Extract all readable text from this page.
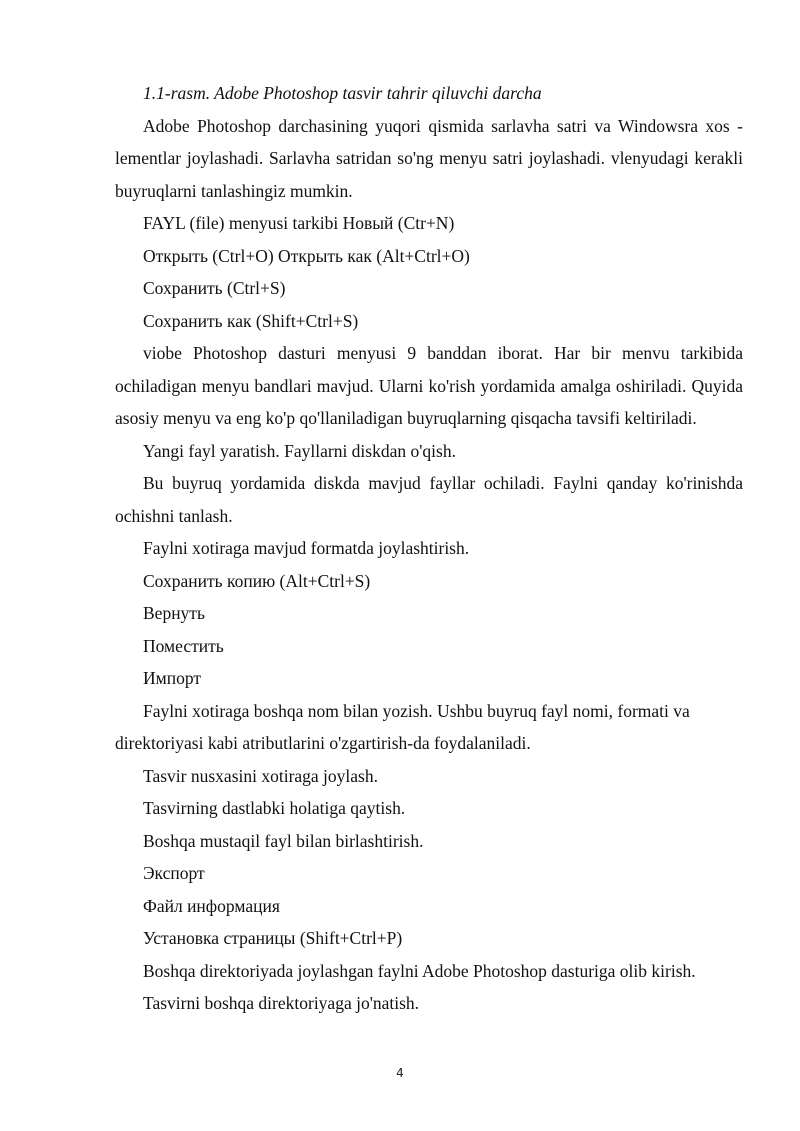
1.1-rasm. Adobe Photoshop tasvir tahrir qiluvchi darcha

Adobe Photoshop darchasining yuqori qismida sarlavha satri va Windowsra xos -lementlar joylashadi. Sarlavha satridan so'ng menyu satri joylashadi. vlenyudagi kerakli buyruqlarni tanlashingiz mumkin.

FAYL (file) menyusi tarkibi Новый (Ctr+N)

Открыть (Ctrl+O) Открыть как (Alt+Ctrl+O)

Сохранить (Ctrl+S)

Сохранить как (Shift+Ctrl+S)

viobe Photoshop dasturi menyusi 9 banddan iborat. Har bir menvu tarkibida ochiladigan menyu bandlari mavjud. Ularni ko'rish yordamida amalga oshiriladi. Quyida asosiy menyu va eng ko'p qo'llaniladigan buyruqlarning qisqacha tavsifi keltiriladi.

Yangi fayl yaratish. Fayllarni diskdan o'qish.

Bu buyruq yordamida diskda mavjud fayllar ochiladi. Faylni qanday ko'rinishda ochishni tanlash.

Faylni xotiraga mavjud formatda joylashtirish.

Сохранить копию (Alt+Ctrl+S)

Вернуть

Поместить

Импорт

Faylni xotiraga boshqa nom bilan yozish. Ushbu buyruq fayl nomi, formati va direktoriyasi kabi atributlarini o'zgartirish-da foydalaniladi.

Tasvir nusxasini xotiraga joylash.

Tasvirning dastlabki holatiga qaytish.

Boshqa mustaqil fayl bilan birlashtirish.

Экспорт

Файл информация

Установка страницы (Shift+Ctrl+P)

Boshqa direktoriyada joylashgan faylni Adobe Photoshop dasturiga olib kirish.

Tasvirni boshqa direktoriyaga jo'natish.

4
